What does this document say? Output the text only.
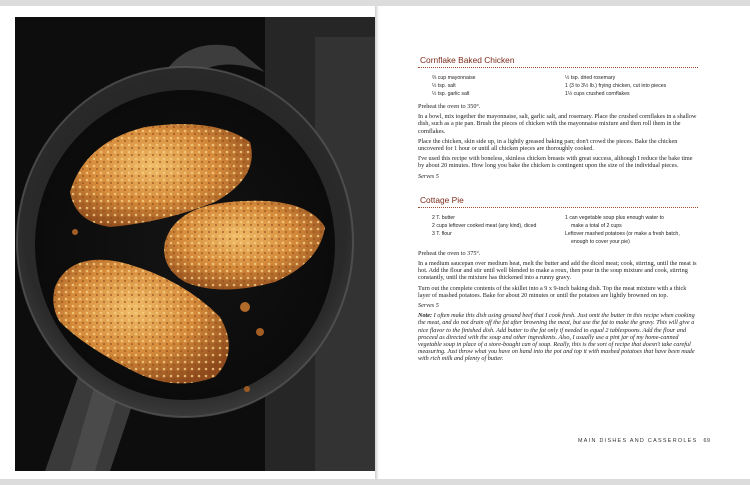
Cornflake Baked Chicken
⅔ cup mayonnaise
½ tsp. salt
½ tsp. garlic salt
½ tsp. dried rosemary
1 (3 to 3½ lb.) frying chicken, cut into pieces
1½ cups crushed cornflakes

Preheat the oven to 350°.

In a bowl, mix together the mayonnaise, salt, garlic salt, and rosemary. Place the crushed cornflakes in a shallow dish, such as a pie pan. Brush the pieces of chicken with the mayonnaise mixture and then roll them in the cornflakes.

Place the chicken, skin side up, in a lightly greased baking pan; don't crowd the pieces. Bake the chicken uncovered for 1 hour or until all chicken pieces are thoroughly cooked.

I've used this recipe with boneless, skinless chicken breasts with great success, although I reduce the bake time by about 20 minutes. How long you bake the chicken is contingent upon the size of the individual pieces.

Serves 5

Cottage Pie
2 T. butter
2 cups leftover cooked meat (any kind), diced
3 T. flour
1 can vegetable soup plus enough water to
make a total of 2 cups
Leftover mashed potatoes (or make a fresh batch,
enough to cover your pie)

Preheat the oven to 375°.

In a medium saucepan over medium heat, melt the butter and add the diced meat; cook, stirring, until the meat is hot. Add the flour and stir until well blended to make a roux, then pour in the soup mixture and cook, stirring constantly, until the mixture has thickened into a runny gravy.

Turn out the complete contents of the skillet into a 9 x 9-inch baking dish. Top the meat mixture with a thick layer of mashed potatoes. Bake for about 20 minutes or until the potatoes are lightly browned on top.

Serves 5

Note: I often make this dish using ground beef that I cook fresh. Just omit the butter in this recipe when cooking the meat, and do not drain off the fat after browning the meat, but use the fat to make the gravy. This will give a nice flavor to the finished dish. Add butter to the fat only if needed to equal 2 tablespoons. Add the flour and proceed as directed with the soup and other ingredients. Also, I usually use a pint jar of my home-canned vegetable soup in place of a store-bought can of soup. Really, this is the sort of recipe that doesn't take careful measuring. Just throw what you have on hand into the pot and top it with mashed potatoes that have been made with rich milk and plenty of butter.

MAIN DISHES AND CASSEROLES 69
